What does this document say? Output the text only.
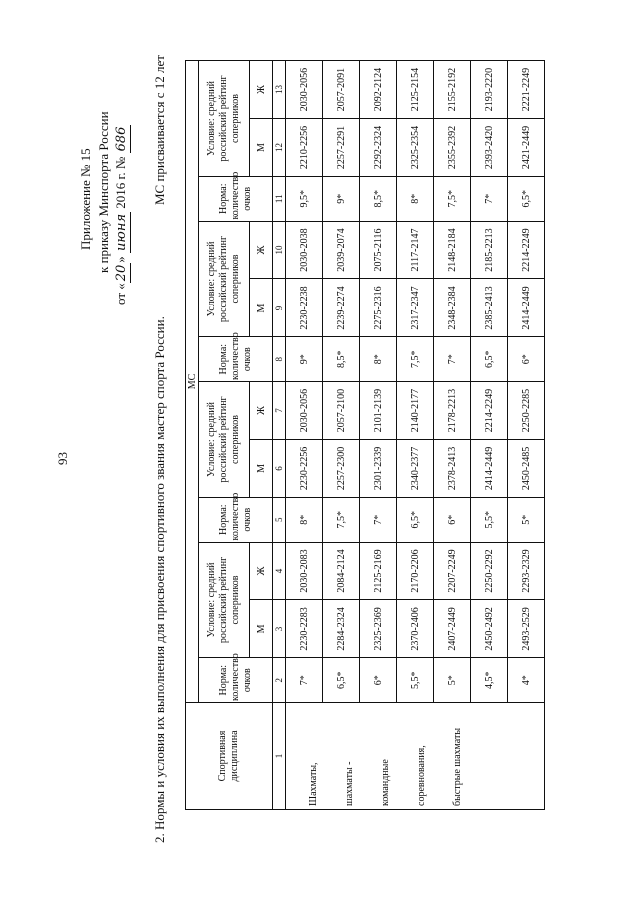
93
Приложение № 15 к приказу Минспорта России
от «20» июня 2016 г. № 686
2. Нормы и условия их выполнения для присвоения спортивного звания мастер спорта России.
МС присваивается с 12 лет
Спортивная дисциплина	МС											
	Норма: количество очков	Условие: средний российский рейтинг соперников		Норма: количество очков	Условие: средний российский рейтинг соперников		Норма: количество очков	Условие: средний российский рейтинг соперников		Норма: количество очков	Условие: средний российский рейтинг соперников	
		М	Ж		М	Ж		М	Ж		М	Ж
1	2	3	4	5	6	7	8	9	10	11	12	13

Шахматы, шахматы - командные соревнования, быстрые шахматы	7*	2230-2283	2030-2083	8*	2230-2256	2030-2056	9*	2230-2238	2030-2038	9,5*	2210-2256	2030-2056
	6,5*	2284-2324	2084-2124	7,5*	2257-2300	2057-2100	8,5*	2239-2274	2039-2074	9*	2257-2291	2057-2091
	6*	2325-2369	2125-2169	7*	2301-2339	2101-2139	8*	2275-2316	2075-2116	8,5*	2292-2324	2092-2124
	5,5*	2370-2406	2170-2206	6,5*	2340-2377	2140-2177	7,5*	2317-2347	2117-2147	8*	2325-2354	2125-2154
	5*	2407-2449	2207-2249	6*	2378-2413	2178-2213	7*	2348-2384	2148-2184	7,5*	2355-2392	2155-2192
	4,5*	2450-2492	2250-2292	5,5*	2414-2449	2214-2249	6,5*	2385-2413	2185-2213	7*	2393-2420	2193-2220
	4*	2493-2529	2293-2329	5*	2450-2485	2250-2285	6*	2414-2449	2214-2249	6,5*	2421-2449	2221-2249
